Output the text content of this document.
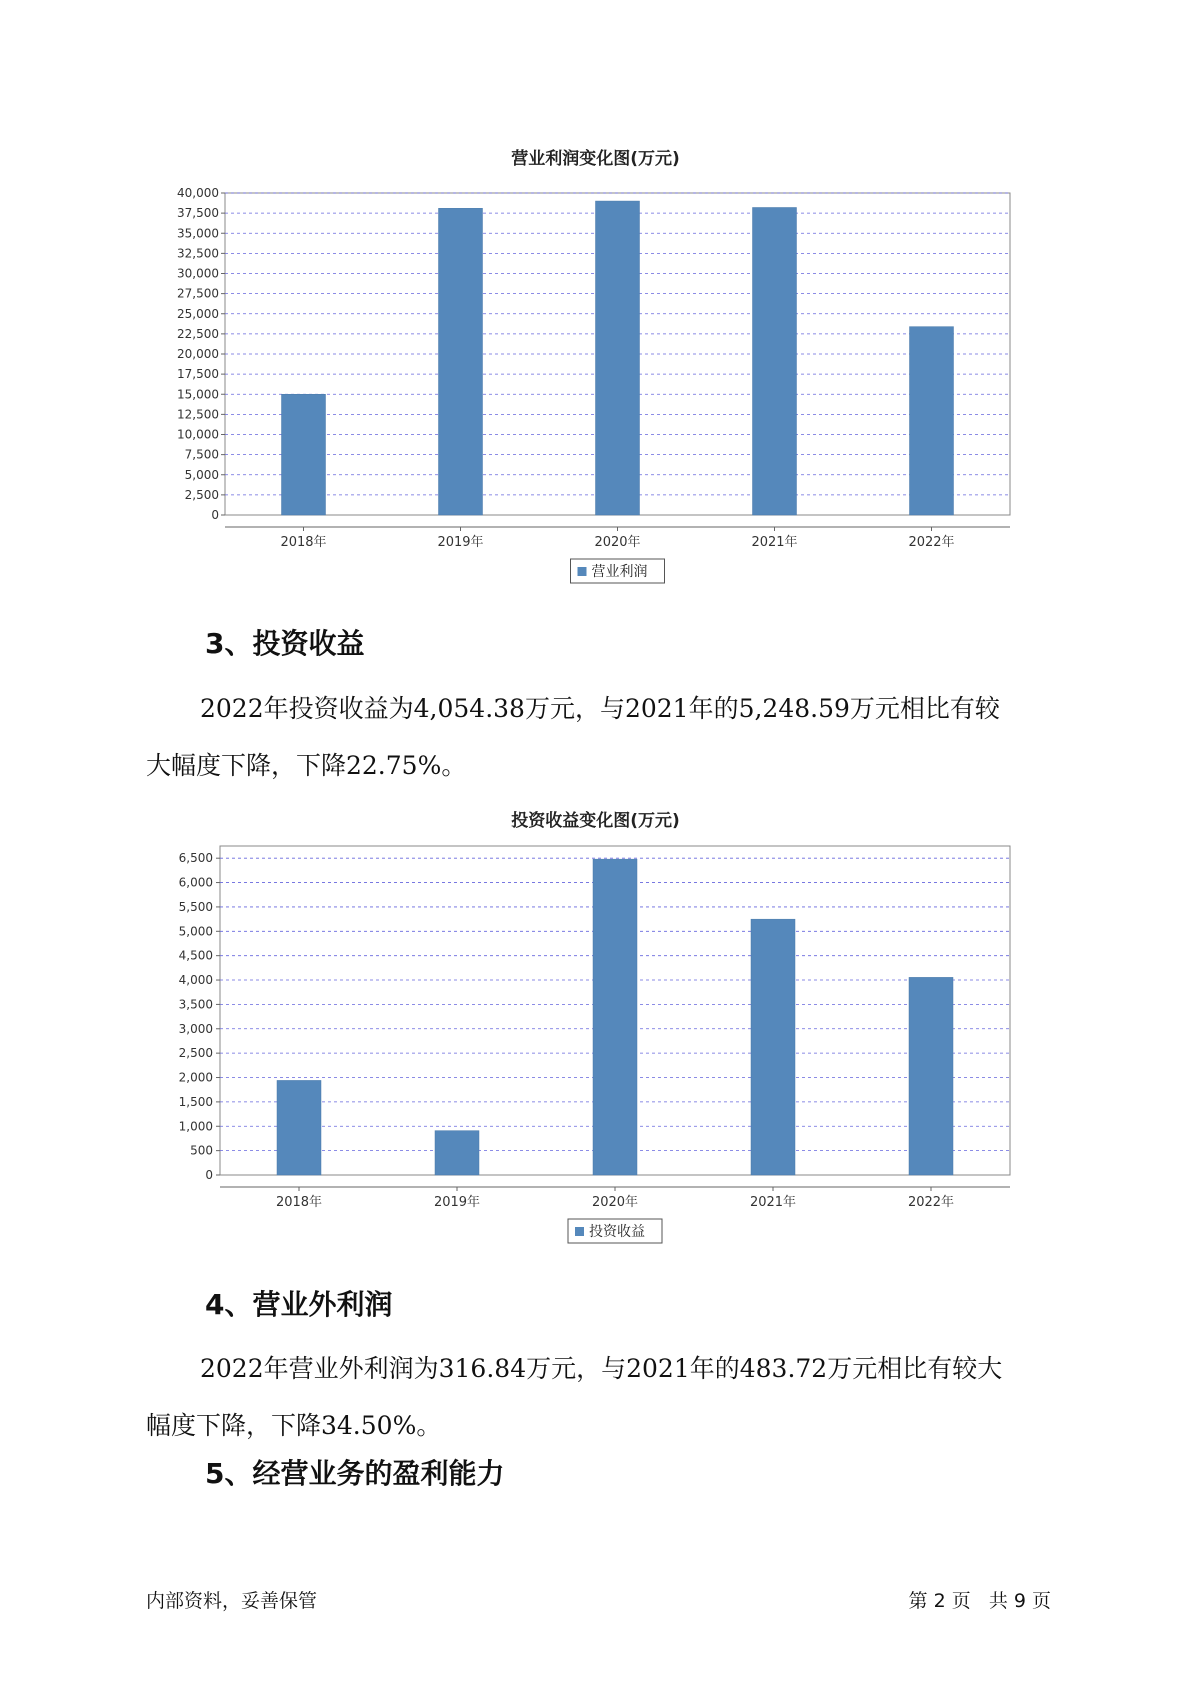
营业利润变化图(万元)
0
2,500
5,000
7,500
10,000
12,500
15,000
17,500
20,000
22,500
25,000
27,500
30,000
32,500
35,000
37,500
40,000
2018年	2019年	2020年	2021年	2022年
营业利润
3、投资收益
2022年投资收益为4,054.38万元，与2021年的5,248.59万元相比有较
大幅度下降，下降22.75%。
投资收益变化图(万元)
0
500
1,000
1,500
2,000
2,500
3,000
3,500
4,000
4,500
5,000
5,500
6,000
6,500
2018年	2019年	2020年	2021年	2022年
投资收益
4、营业外利润
2022年营业外利润为316.84万元，与2021年的483.72万元相比有较大
幅度下降，下降34.50%。
5、经营业务的盈利能力
内部资料，妥善保管	第 2 页   共 9 页
